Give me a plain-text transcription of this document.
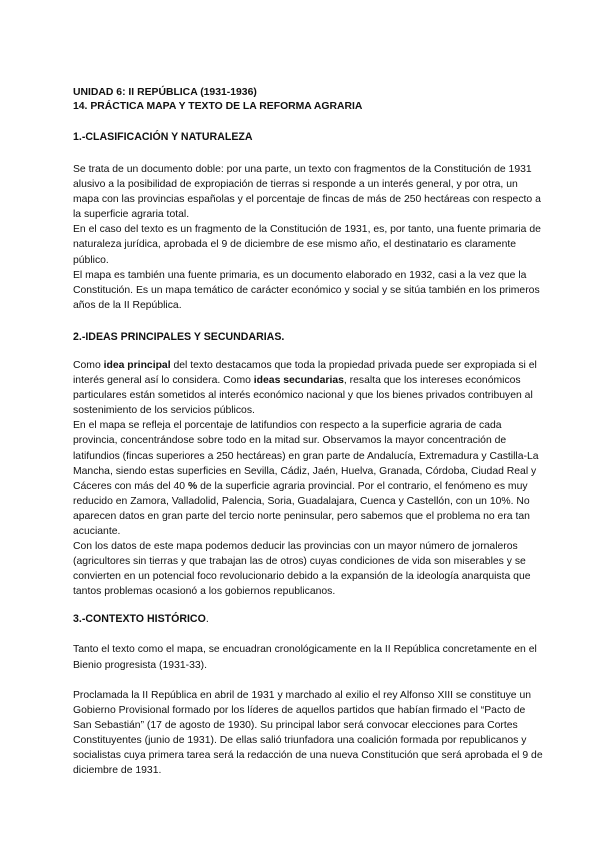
UNIDAD 6: II REPÚBLICA (1931-1936)
14. PRÁCTICA MAPA Y TEXTO DE LA REFORMA AGRARIA
1.-CLASIFICACIÓN Y NATURALEZA

Se trata de un documento doble: por una parte, un texto con fragmentos de la Constitución de 1931 alusivo a la posibilidad de expropiación de tierras si responde a un interés general, y por otra, un mapa con las provincias españolas y el porcentaje de fincas de más de 250 hectáreas con respecto a la superficie agraria total.

En el caso del texto es un fragmento de la Constitución de 1931, es, por tanto, una fuente primaria de naturaleza jurídica, aprobada el 9 de diciembre de ese mismo año, el destinatario es claramente público.

El mapa es también una fuente primaria, es un documento elaborado en 1932, casi a la vez que la Constitución. Es un mapa temático de carácter económico y social y se sitúa también en los primeros años de la II República.

2.-IDEAS PRINCIPALES Y SECUNDARIAS.

Como idea principal del texto destacamos que toda la propiedad privada puede ser expropiada si el interés general así lo considera. Como ideas secundarias, resalta que los intereses económicos particulares están sometidos al interés económico nacional y que los bienes privados contribuyen al sostenimiento de los servicios públicos.

En el mapa se refleja el porcentaje de latifundios con respecto a la superficie agraria de cada provincia, concentrándose sobre todo en la mitad sur. Observamos la mayor concentración de latifundios (fincas superiores a 250 hectáreas) en gran parte de Andalucía, Extremadura y Castilla-La Mancha, siendo estas superficies en Sevilla, Cádiz, Jaén, Huelva, Granada, Córdoba, Ciudad Real y Cáceres con más del 40 % de la superficie agraria provincial. Por el contrario, el fenómeno es muy reducido en Zamora, Valladolid, Palencia, Soria, Guadalajara, Cuenca y Castellón, con un 10%. No aparecen datos en gran parte del tercio norte peninsular, pero sabemos que el problema no era tan acuciante.

Con los datos de este mapa podemos deducir las provincias con un mayor número de jornaleros (agricultores sin tierras y que trabajan las de otros) cuyas condiciones de vida son miserables y se convierten en un potencial foco revolucionario debido a la expansión de la ideología anarquista que tantos problemas ocasionó a los gobiernos republicanos.

3.-CONTEXTO HISTÓRICO.

Tanto el texto como el mapa, se encuadran cronológicamente en la II República concretamente en el Bienio progresista (1931-33).

Proclamada la II República en abril de 1931 y marchado al exilio el rey Alfonso XIII se constituye un Gobierno Provisional formado por los líderes de aquellos partidos que habían firmado el “Pacto de San Sebastián” (17 de agosto de 1930). Su principal labor será convocar elecciones para Cortes Constituyentes (junio de 1931). De ellas salió triunfadora una coalición formada por republicanos y socialistas cuya primera tarea será la redacción de una nueva Constitución que será aprobada el 9 de diciembre de 1931.
